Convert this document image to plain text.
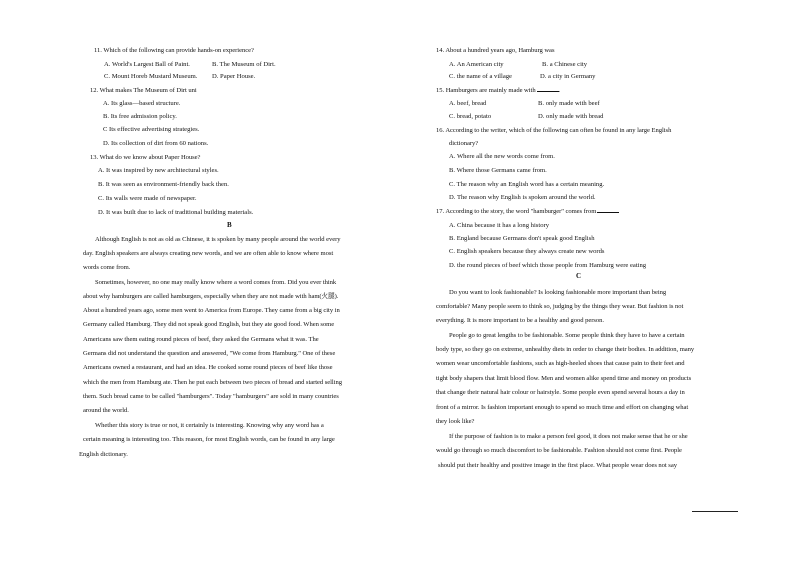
11. Which of the following can provide hands-on experience?
A. World's Largest Ball of Paint.	B. The Museum of Dirt.
C. Mount Horeb Mustard Museum. D. Paper House.
12. What makes The Museum of Dirt uni
A. Its glass—based structure.
B. Its free admission policy.
C Its effective advertising strategies.
D. Its collection of dirt from 60 nations.
13. What do we know about Paper House?
A. It was inspired by new architectural styles.
B. It was seen as environment-friendly back then.
C. Its walls were made of newspaper.
D. It was built due to lack of traditional building materials.
B
Although English is not as old as Chinese, it is spoken by many people around the world every
day. English speakers are always creating new words, and we are often able to know where most
words come from.
Sometimes, however, no one may really know where a word comes from. Did you ever think
about why hamburgers are called hamburgers, especially when they are not made with ham(火腿).
About a hundred years ago, some men went to America from Europe. They came from a big city in
Germany called Hamburg. They did not speak good English, but they ate good food. When some
Americans saw them eating round pieces of beef, they asked the Germans what it was. The
Germans did not understand the question and answered, "We come from Hamburg." One of these
Americans owned a restaurant, and had an idea. He cooked some round pieces of beef like those
which the men from Hamburg ate. Then he put each between two pieces of bread and started selling
them. Such bread came to be called "hamburgers". Today "hamburgers" are sold in many countries
around the world.
Whether this story is true or not, it certainly is interesting. Knowing why any word has a
certain meaning is interesting too. This reason, for most English words, can be found in any large
English dictionary.
14. About a hundred years ago, Hamburg was
A. An American city	B. a Chinese city
C. the name of a village	D. a city in Germany
15. Hamburgers are mainly made with	.
A. beef, bread	B. only made with beef
C. bread, potato	D. only made with bread
16. According to the writer, which of the following can often be found in any large English
dictionary?
A. Where all the new words come from.
B. Where those Germans came from.
C. The reason why an English word has a certain meaning.
D. The reason why English is spoken around the world.
17. According to the story, the word "hamburger" comes from
A. China because it has a long history
B. England because Germans don't speak good English
C. English speakers because they always create new words
D. the round pieces of beef which those people from Hamburg were eating
C
Do you want to look fashionable? Is looking fashionable more important than being
comfortable? Many people seem to think so, judging by the things they wear. But fashion is not
everything. It is more important to be a healthy and good person.
People go to great lengths to be fashionable. Some people think they have to have a certain
body type, so they go on extreme, unhealthy diets in order to change their bodies. In addition, many
women wear uncomfortable fashions, such as high-heeled shoes that cause pain to their feet and
tight body shapers that limit blood flow. Men and women alike spend time and money on products
that change their natural hair colour or hairstyle. Some people even spend several hours a day in
front of a mirror. Is fashion important enough to spend so much time and effort on changing what
they look like?
If the purpose of fashion is to make a person feel good, it does not make sense that he or she
would go through so much discomfort to be fashionable. Fashion should not come first. People
should put their healthy and positive image in the first place. What people wear does not say
